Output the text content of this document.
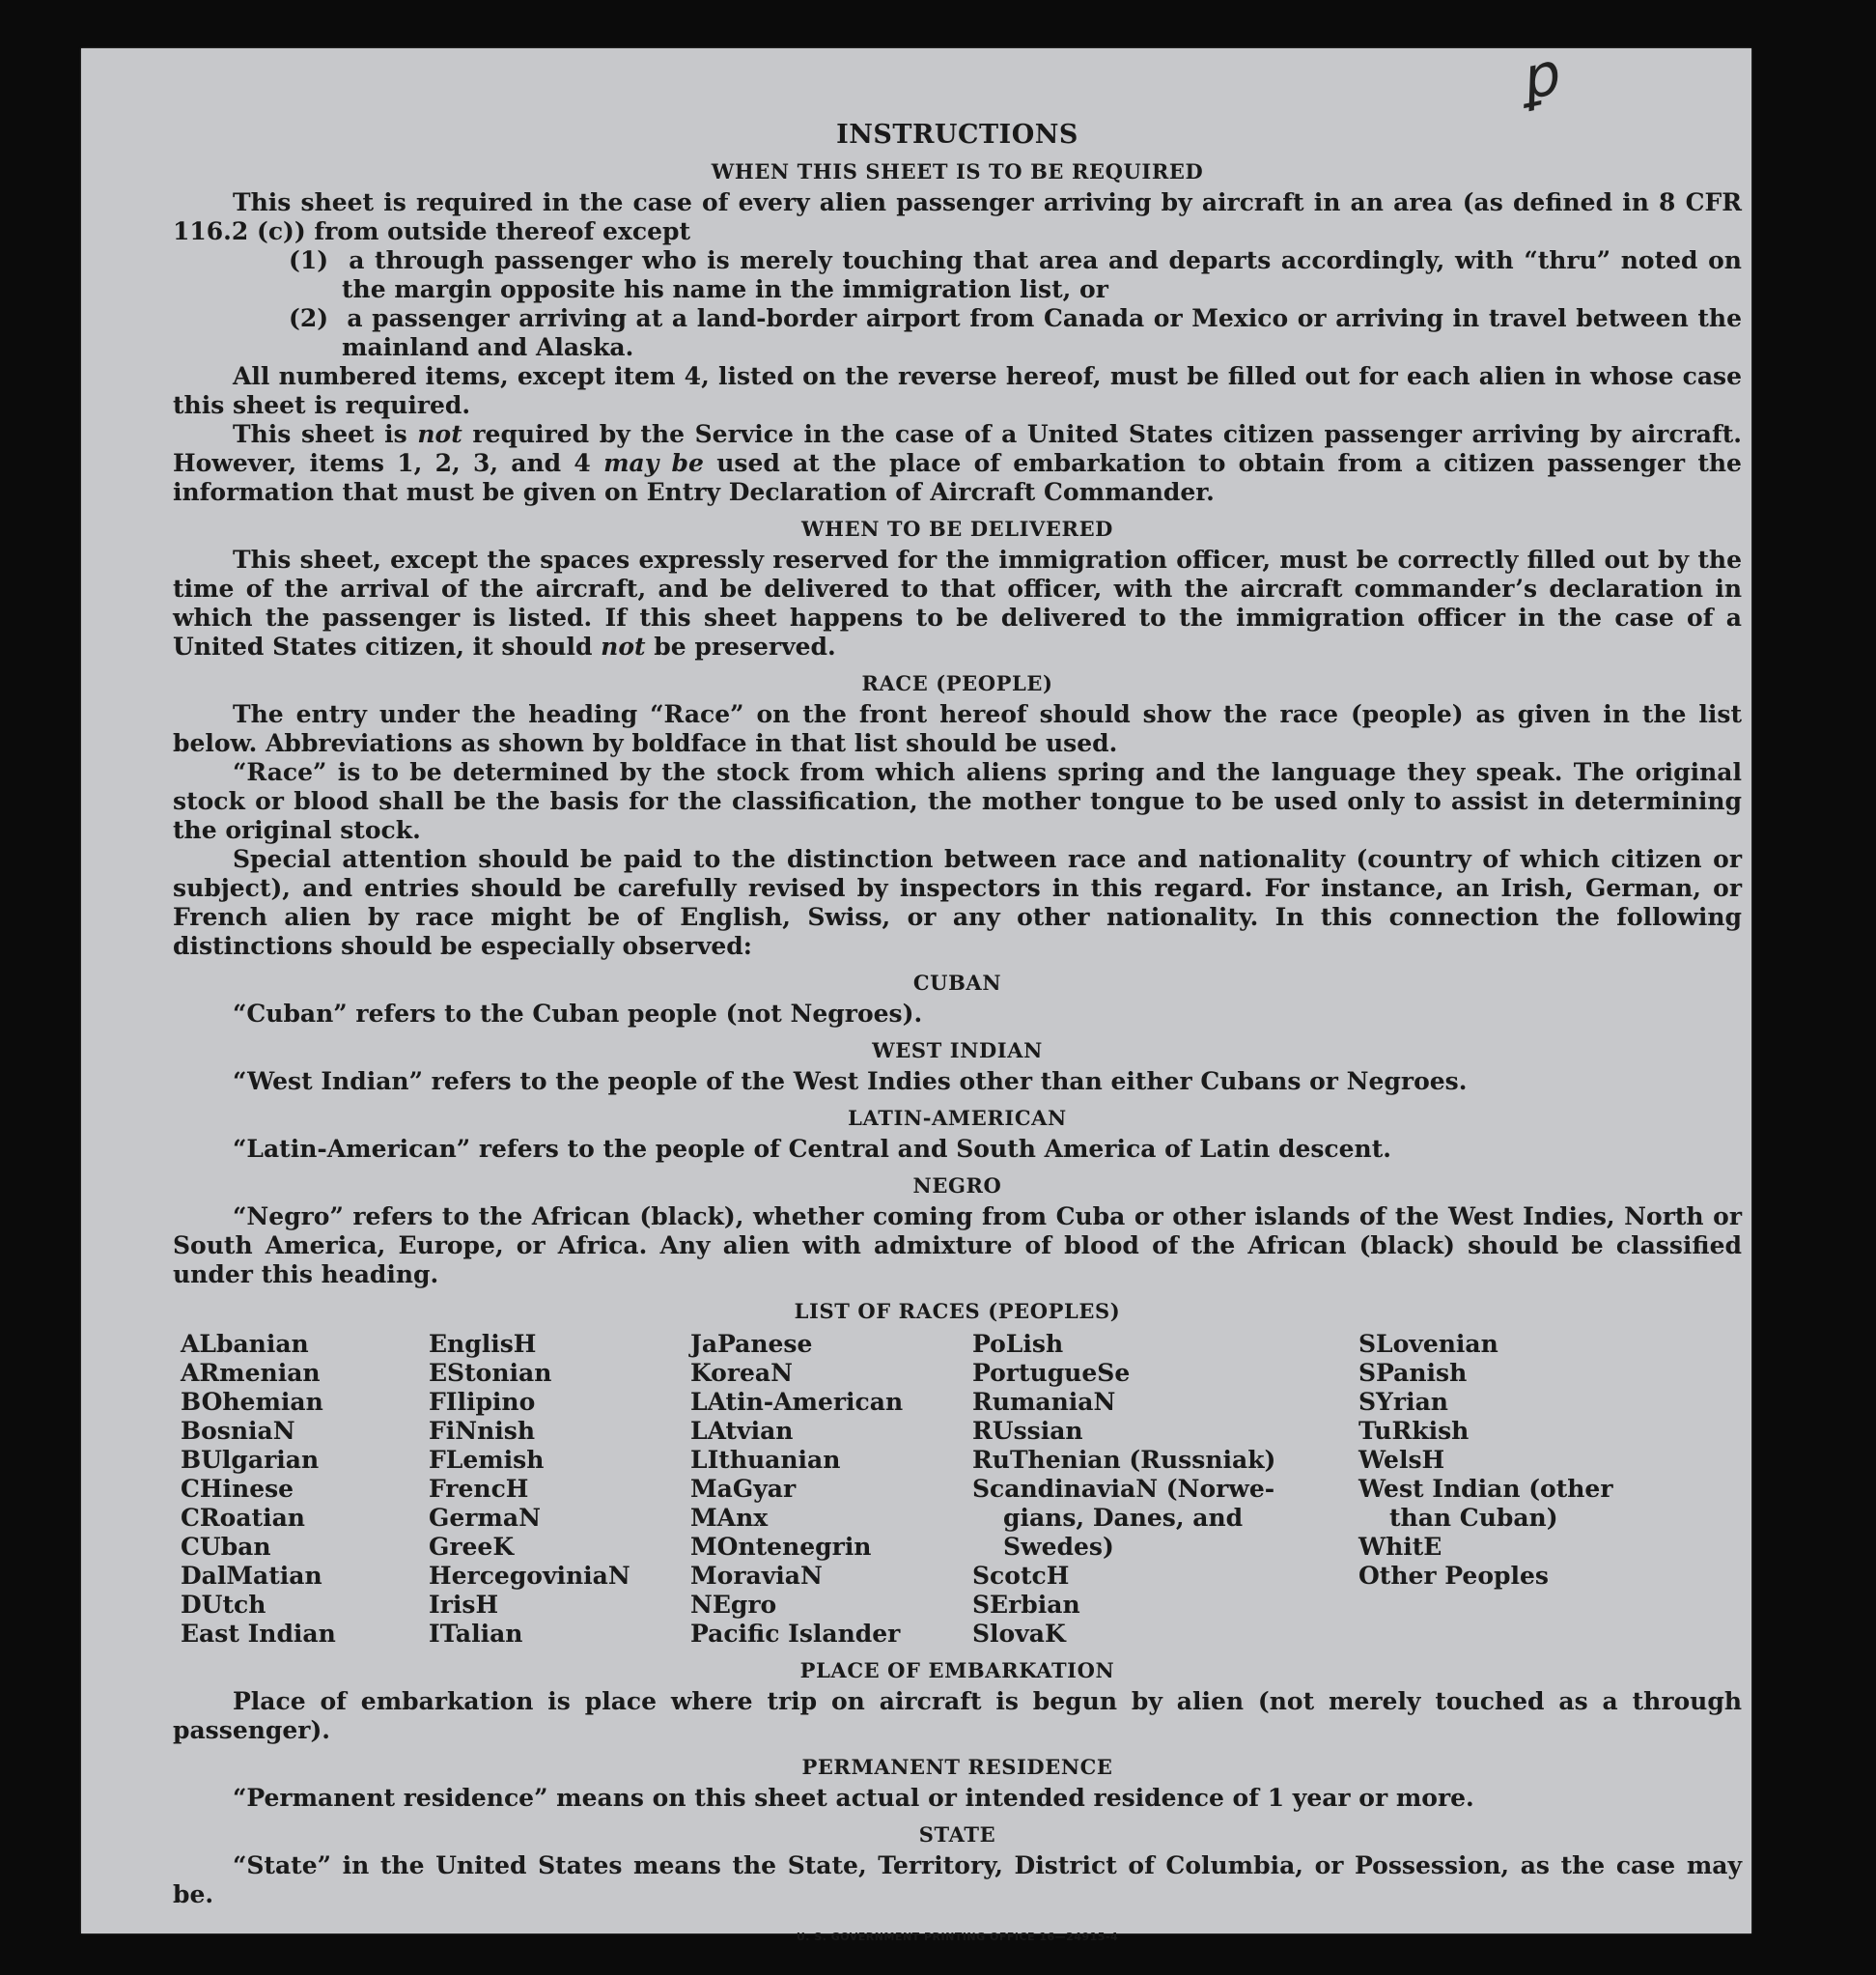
ꝑ
INSTRUCTIONS
WHEN THIS SHEET IS TO BE REQUIRED

This sheet is required in the case of every alien passenger arriving by aircraft in an area (as defined in 8 CFR 116.2 (c)) from outside thereof except

(1) a through passenger who is merely touching that area and departs accordingly, with “thru” noted on the margin opposite his name in the immigration list, or

(2) a passenger arriving at a land-border airport from Canada or Mexico or arriving in travel between the mainland and Alaska.

All numbered items, except item 4, listed on the reverse hereof, must be filled out for each alien in whose case this sheet is required.

This sheet is not required by the Service in the case of a United States citizen passenger arriving by aircraft. However, items 1, 2, 3, and 4 may be used at the place of embarkation to obtain from a citizen passenger the information that must be given on Entry Declaration of Aircraft Commander.

WHEN TO BE DELIVERED

This sheet, except the spaces expressly reserved for the immigration officer, must be correctly filled out by the time of the arrival of the aircraft, and be delivered to that officer, with the aircraft commander’s declaration in which the passenger is listed. If this sheet happens to be delivered to the immigration officer in the case of a United States citizen, it should not be preserved.

RACE (PEOPLE)

The entry under the heading “Race” on the front hereof should show the race (people) as given in the list below. Abbreviations as shown by boldface in that list should be used.

“Race” is to be determined by the stock from which aliens spring and the language they speak. The original stock or blood shall be the basis for the classification, the mother tongue to be used only to assist in determining the original stock.

Special attention should be paid to the distinction between race and nationality (country of which citizen or subject), and entries should be carefully revised by inspectors in this regard. For instance, an Irish, German, or French alien by race might be of English, Swiss, or any other nationality. In this connection the following distinctions should be especially observed:

CUBAN

“Cuban” refers to the Cuban people (not Negroes).

WEST INDIAN

“West Indian” refers to the people of the West Indies other than either Cubans or Negroes.

LATIN-AMERICAN

“Latin-American” refers to the people of Central and South America of Latin descent.

NEGRO

“Negro” refers to the African (black), whether coming from Cuba or other islands of the West Indies, North or South America, Europe, or Africa. Any alien with admixture of blood of the African (black) should be classified under this heading.

LIST OF RACES (PEOPLES)
ALbanian
ARmenian
BOhemian
BosniaN
BUlgarian
CHinese
CRoatian
CUban
DalMatian
DUtch
East Indian
EnglisH
EStonian
FIlipino
FiNnish
FLemish
FrencH
GermaN
GreeK
HercegoviniaN
IrisH
ITalian
JaPanese
KoreaN
LAtin-American
LAtvian
LIthuanian
MaGyar
MAnx
MOntenegrin
MoraviaN
NEgro
Pacific Islander
PoLish
PortugueSe
RumaniaN
RUssian
RuThenian (Russniak)
ScandinaviaN (Norwe-
gians, Danes, and
Swedes)
ScotcH
SErbian
SlovaK
SLovenian
SPanish
SYrian
TuRkish
WelsH
West Indian (other
than Cuban)
WhitE
Other Peoples
PLACE OF EMBARKATION

Place of embarkation is place where trip on aircraft is begun by alien (not merely touched as a through passenger).

PERMANENT RESIDENCE

“Permanent residence” means on this sheet actual or intended residence of 1 year or more.

STATE

“State” in the United States means the State, Territory, District of Columbia, or Possession, as the case may be.

U. S. GOVERNMENT PRINTING OFFICE 16—24915-4
